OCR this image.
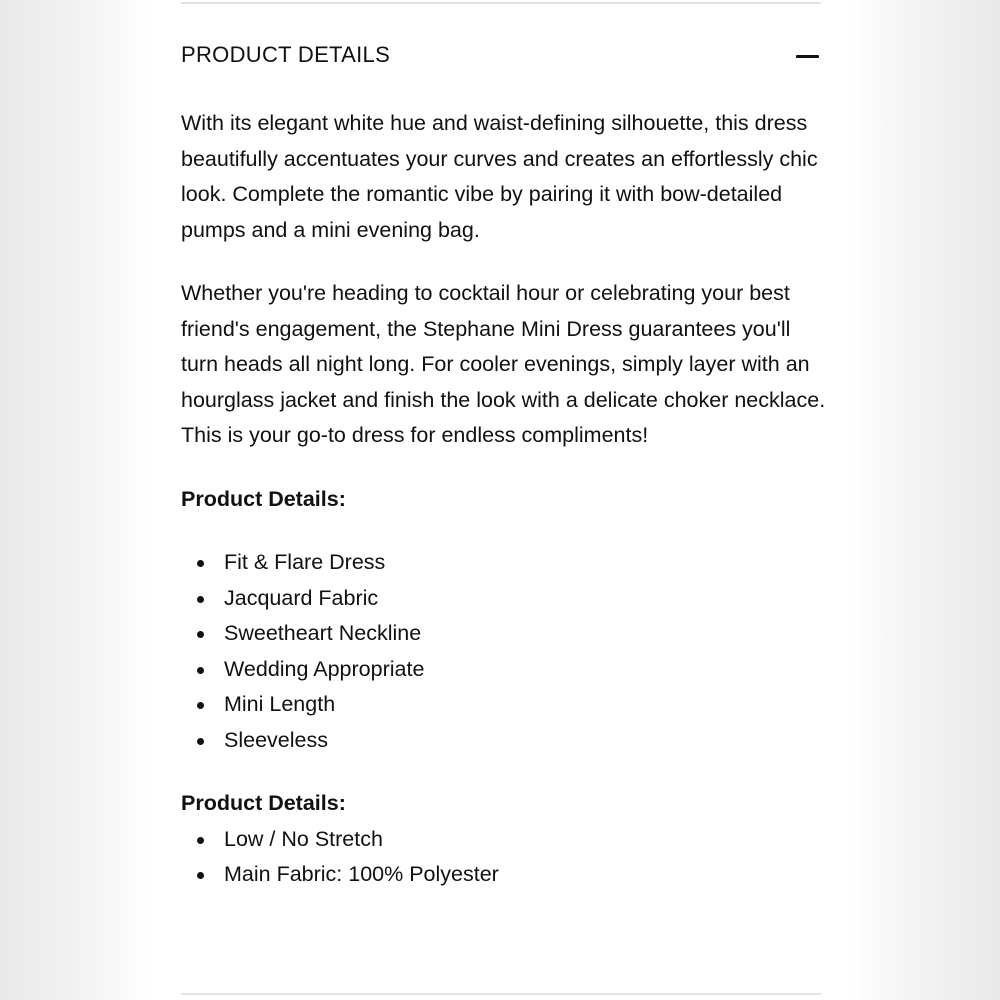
PRODUCT DETAILS

With its elegant white hue and waist-defining silhouette, this dress beautifully accentuates your curves and creates an effortlessly chic look. Complete the romantic vibe by pairing it with bow-detailed pumps and a mini evening bag.

Whether you're heading to cocktail hour or celebrating your best friend's engagement, the Stephane Mini Dress guarantees you'll turn heads all night long. For cooler evenings, simply layer with an hourglass jacket and finish the look with a delicate choker necklace. This is your go-to dress for endless compliments!

Product Details:

Fit & Flare Dress
Jacquard Fabric
Sweetheart Neckline
Wedding Appropriate
Mini Length
Sleeveless

Product Details:

Low / No Stretch
Main Fabric: 100% Polyester
